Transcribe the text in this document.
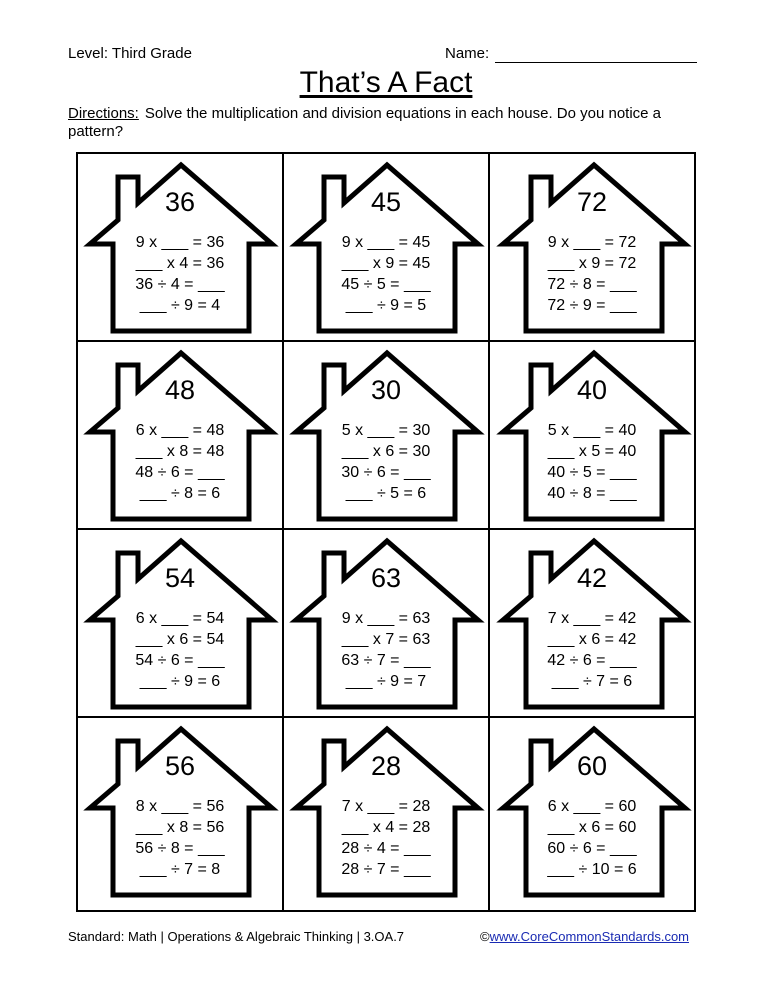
Level: Third Grade	Name:
That’s A Fact
Directions: Solve the multiplication and division equations in each house. Do you notice a pattern?
36
9 x ___ = 36
___ x 4 = 36
36 ÷ 4 = ___
___ ÷ 9 = 4
45
9 x ___ = 45
___ x 9 = 45
45 ÷ 5 = ___
___ ÷ 9 = 5
72
9 x ___ = 72
___ x 9 = 72
72 ÷ 8 = ___
72 ÷ 9 = ___
48
6 x ___ = 48
___ x 8 = 48
48 ÷ 6 = ___
___ ÷ 8 = 6
30
5 x ___ = 30
___ x 6 = 30
30 ÷ 6 = ___
___ ÷ 5 = 6
40
5 x ___ = 40
___ x 5 = 40
40 ÷ 5 = ___
40 ÷ 8 = ___
54
6 x ___ = 54
___ x 6 = 54
54 ÷ 6 = ___
___ ÷ 9 = 6
63
9 x ___ = 63
___ x 7 = 63
63 ÷ 7 = ___
___ ÷ 9 = 7
42
7 x ___ = 42
___ x 6 = 42
42 ÷ 6 = ___
___ ÷ 7 = 6
56
8 x ___ = 56
___ x 8 = 56
56 ÷ 8 = ___
___ ÷ 7 = 8
28
7 x ___ = 28
___ x 4 = 28
28 ÷ 4 = ___
28 ÷ 7 = ___
60
6 x ___ = 60
___ x 6 = 60
60 ÷ 6 = ___
___ ÷ 10 = 6
Standard: Math | Operations & Algebraic Thinking | 3.OA.7	©www.CoreCommonStandards.com
